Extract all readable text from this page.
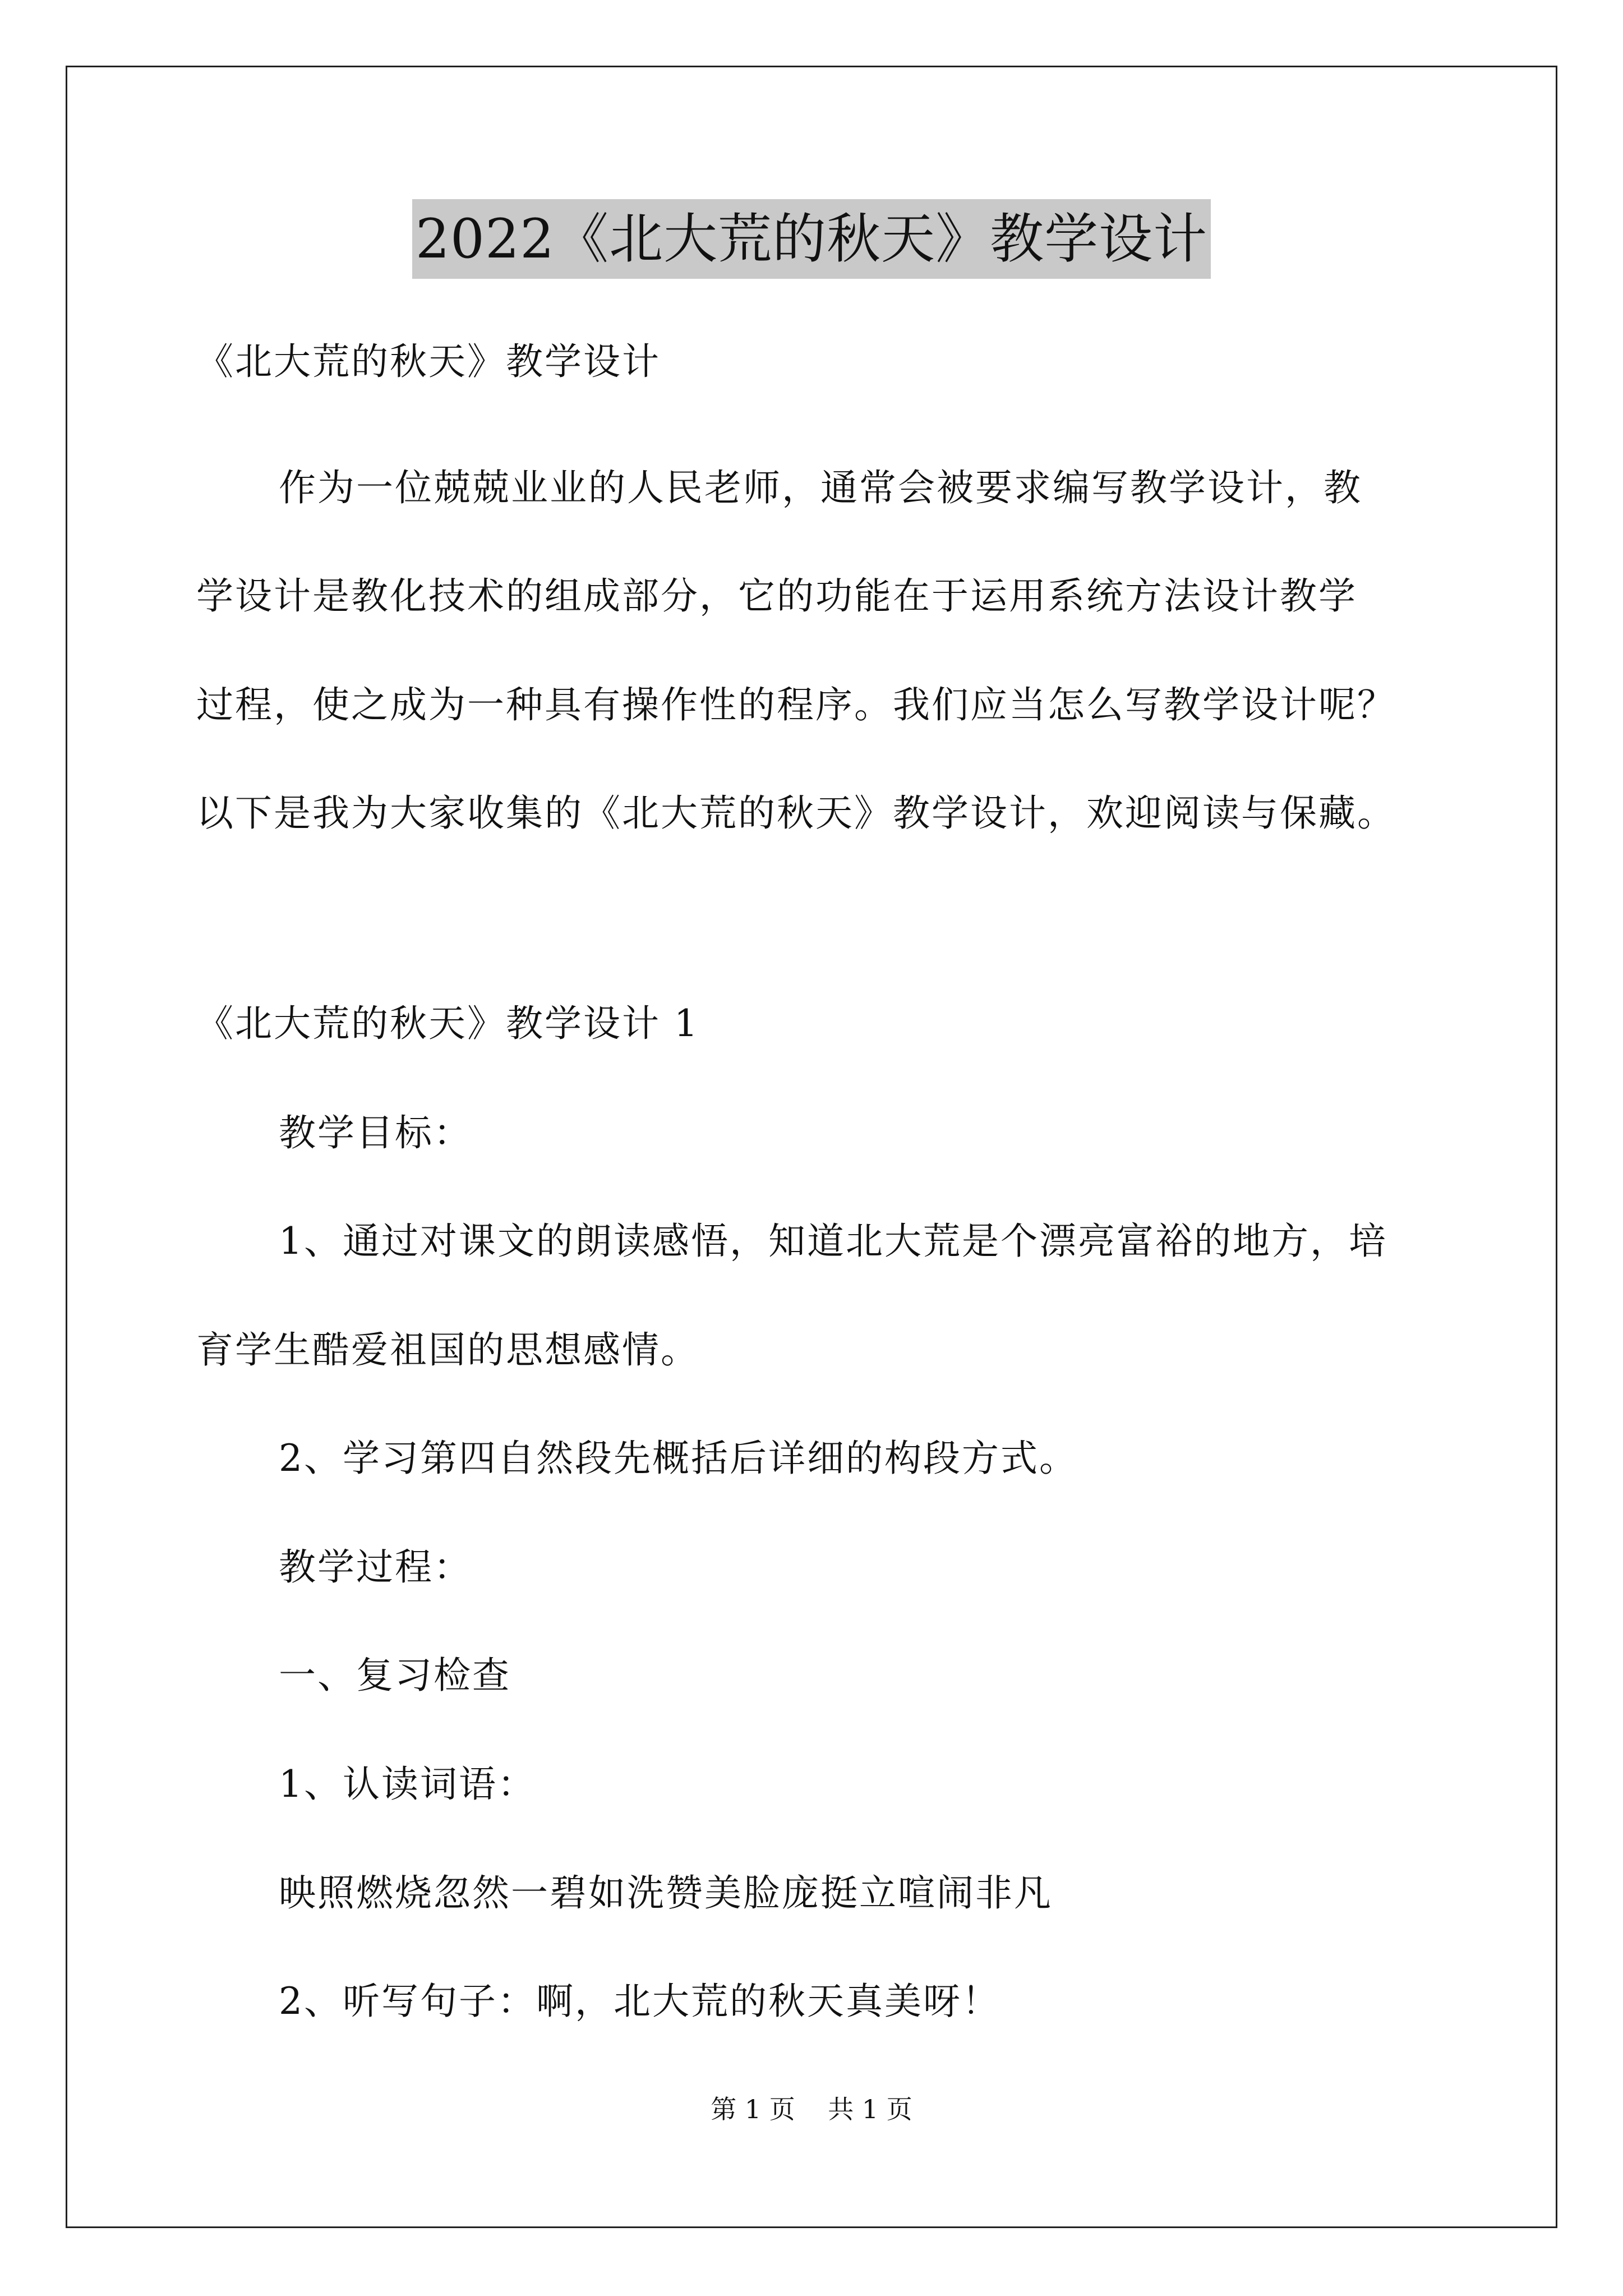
2022《北大荒的秋天》教学设计
《北大荒的秋天》教学设计
作为一位兢兢业业的人民老师，通常会被要求编写教学设计，教
学设计是教化技术的组成部分，它的功能在于运用系统方法设计教学
过程，使之成为一种具有操作性的程序。我们应当怎么写教学设计呢？
以下是我为大家收集的《北大荒的秋天》教学设计，欢迎阅读与保藏。
《北大荒的秋天》教学设计 1
教学目标：
1、通过对课文的朗读感悟，知道北大荒是个漂亮富裕的地方，培
育学生酷爱祖国的思想感情。
2、学习第四自然段先概括后详细的构段方式。
教学过程：
一、复习检查
1、认读词语：
映照燃烧忽然一碧如洗赞美脸庞挺立喧闹非凡
2、听写句子：啊，北大荒的秋天真美呀！
第 1 页    共 1 页
